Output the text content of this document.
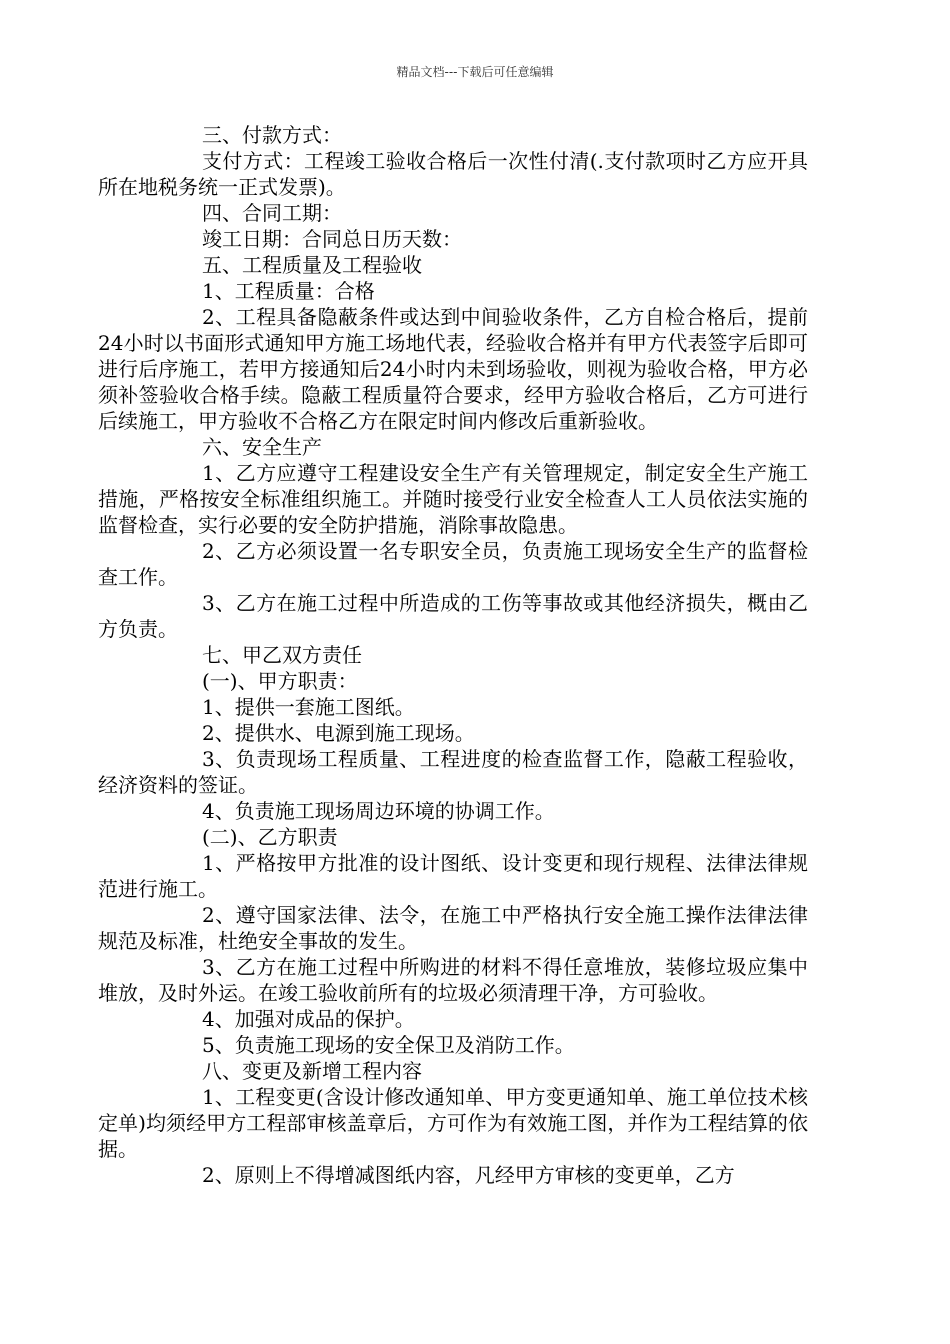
精品文档---下载后可任意编辑

三、付款方式：

支付方式：工程竣工验收合格后一次性付清(.支付款项时乙方应开具所在地税务统一正式发票)。

四、合同工期：

竣工日期：合同总日历天数：

五、工程质量及工程验收

1、工程质量：合格

2、工程具备隐蔽条件或达到中间验收条件，乙方自检合格后，提前24小时以书面形式通知甲方施工场地代表，经验收合格并有甲方代表签字后即可进行后序施工，若甲方接通知后24小时内未到场验收，则视为验收合格，甲方必须补签验收合格手续。隐蔽工程质量符合要求，经甲方验收合格后，乙方可进行后续施工，甲方验收不合格乙方在限定时间内修改后重新验收。

六、安全生产

1、乙方应遵守工程建设安全生产有关管理规定，制定安全生产施工措施，严格按安全标准组织施工。并随时接受行业安全检查人工人员依法实施的监督检查，实行必要的安全防护措施，消除事故隐患。

2、乙方必须设置一名专职安全员，负责施工现场安全生产的监督检查工作。

3、乙方在施工过程中所造成的工伤等事故或其他经济损失，概由乙方负责。

七、甲乙双方责任

(一)、甲方职责：

1、提供一套施工图纸。

2、提供水、电源到施工现场。

3、负责现场工程质量、工程进度的检查监督工作，隐蔽工程验收，经济资料的签证。

4、负责施工现场周边环境的协调工作。

(二)、乙方职责

1、严格按甲方批准的设计图纸、设计变更和现行规程、法律法律规范进行施工。

2、遵守国家法律、法令，在施工中严格执行安全施工操作法律法律规范及标准，杜绝安全事故的发生。

3、乙方在施工过程中所购进的材料不得任意堆放，装修垃圾应集中堆放，及时外运。在竣工验收前所有的垃圾必须清理干净，方可验收。

4、加强对成品的保护。

5、负责施工现场的安全保卫及消防工作。

八、变更及新增工程内容

1、工程变更(含设计修改通知单、甲方变更通知单、施工单位技术核定单)均须经甲方工程部审核盖章后，方可作为有效施工图，并作为工程结算的依据。

2、原则上不得增减图纸内容，凡经甲方审核的变更单，乙方
